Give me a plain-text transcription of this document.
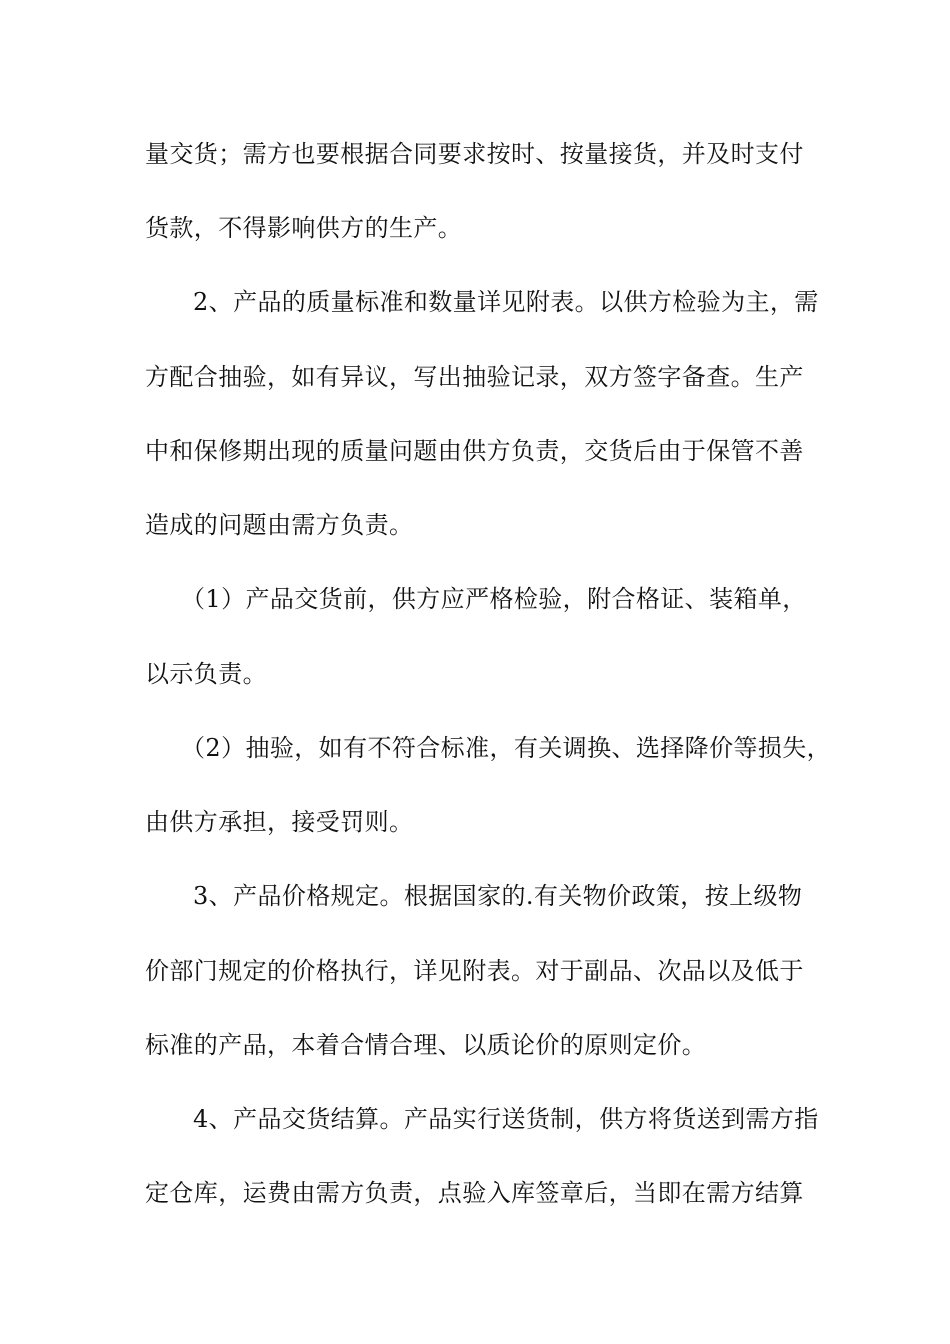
量交货；需方也要根据合同要求按时、按量接货，并及时支付
货款，不得影响供方的生产。
2、产品的质量标准和数量详见附表。以供方检验为主，需
方配合抽验，如有异议，写出抽验记录，双方签字备查。生产
中和保修期出现的质量问题由供方负责，交货后由于保管不善
造成的问题由需方负责。
（1）产品交货前，供方应严格检验，附合格证、装箱单，
以示负责。
（2）抽验，如有不符合标准，有关调换、选择降价等损失，
由供方承担，接受罚则。
3、产品价格规定。根据国家的.有关物价政策，按上级物
价部门规定的价格执行，详见附表。对于副品、次品以及低于
标准的产品，本着合情合理、以质论价的原则定价。
4、产品交货结算。产品实行送货制，供方将货送到需方指
定仓库，运费由需方负责，点验入库签章后，当即在需方结算
